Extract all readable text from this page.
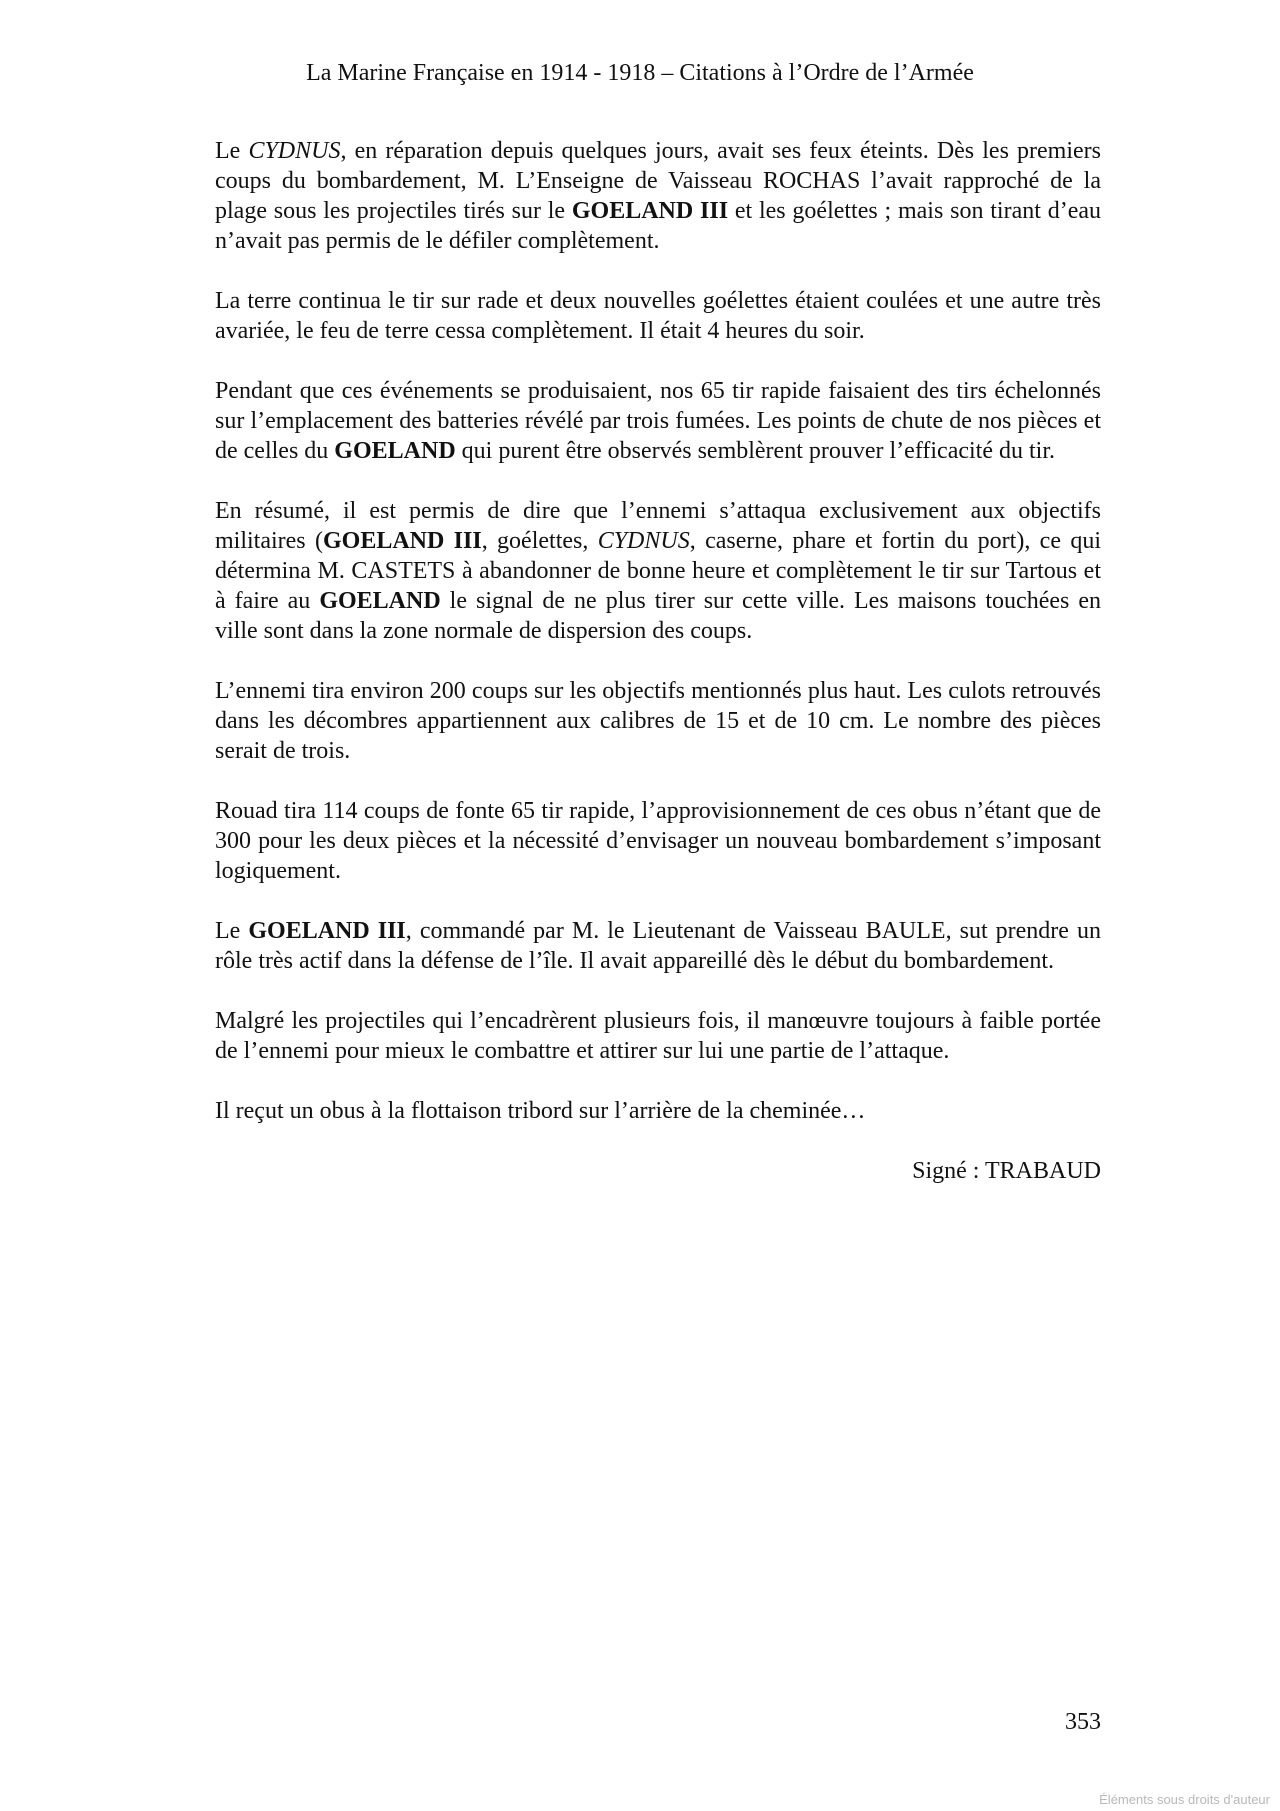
La Marine Française en 1914 - 1918 – Citations à l’Ordre de l’Armée

Le CYDNUS, en réparation depuis quelques jours, avait ses feux éteints. Dès les premiers coups du bombardement, M. L’Enseigne de Vaisseau ROCHAS l’avait rapproché de la plage sous les projectiles tirés sur le GOELAND III et les goélettes ; mais son tirant d’eau n’avait pas permis de le défiler complètement.

La terre continua le tir sur rade et deux nouvelles goélettes étaient coulées et une autre très avariée, le feu de terre cessa complètement. Il était 4 heures du soir.

Pendant que ces événements se produisaient, nos 65 tir rapide faisaient des tirs échelonnés sur l’emplacement des batteries révélé par trois fumées. Les points de chute de nos pièces et de celles du GOELAND qui purent être observés semblèrent prouver l’efficacité du tir.

En résumé, il est permis de dire que l’ennemi s’attaqua exclusivement aux objectifs militaires (GOELAND III, goélettes, CYDNUS, caserne, phare et fortin du port), ce qui détermina M. CASTETS à abandonner de bonne heure et complètement le tir sur Tartous et à faire au GOELAND le signal de ne plus tirer sur cette ville. Les maisons touchées en ville sont dans la zone normale de dispersion des coups.

L’ennemi tira environ 200 coups sur les objectifs mentionnés plus haut. Les culots retrouvés dans les décombres appartiennent aux calibres de 15 et de 10 cm. Le nombre des pièces serait de trois.

Rouad tira 114 coups de fonte 65 tir rapide, l’approvisionnement de ces obus n’étant que de 300 pour les deux pièces et la nécessité d’envisager un nouveau bombardement s’imposant logiquement.

Le GOELAND III, commandé par M. le Lieutenant de Vaisseau BAULE, sut prendre un rôle très actif dans la défense de l’île. Il avait appareillé dès le début du bombardement.

Malgré les projectiles qui l’encadrèrent plusieurs fois, il manœuvre toujours à faible portée de l’ennemi pour mieux le combattre et attirer sur lui une partie de l’attaque.

Il reçut un obus à la flottaison tribord sur l’arrière de la cheminée…

Signé : TRABAUD

353
Éléments sous droits d'auteur
